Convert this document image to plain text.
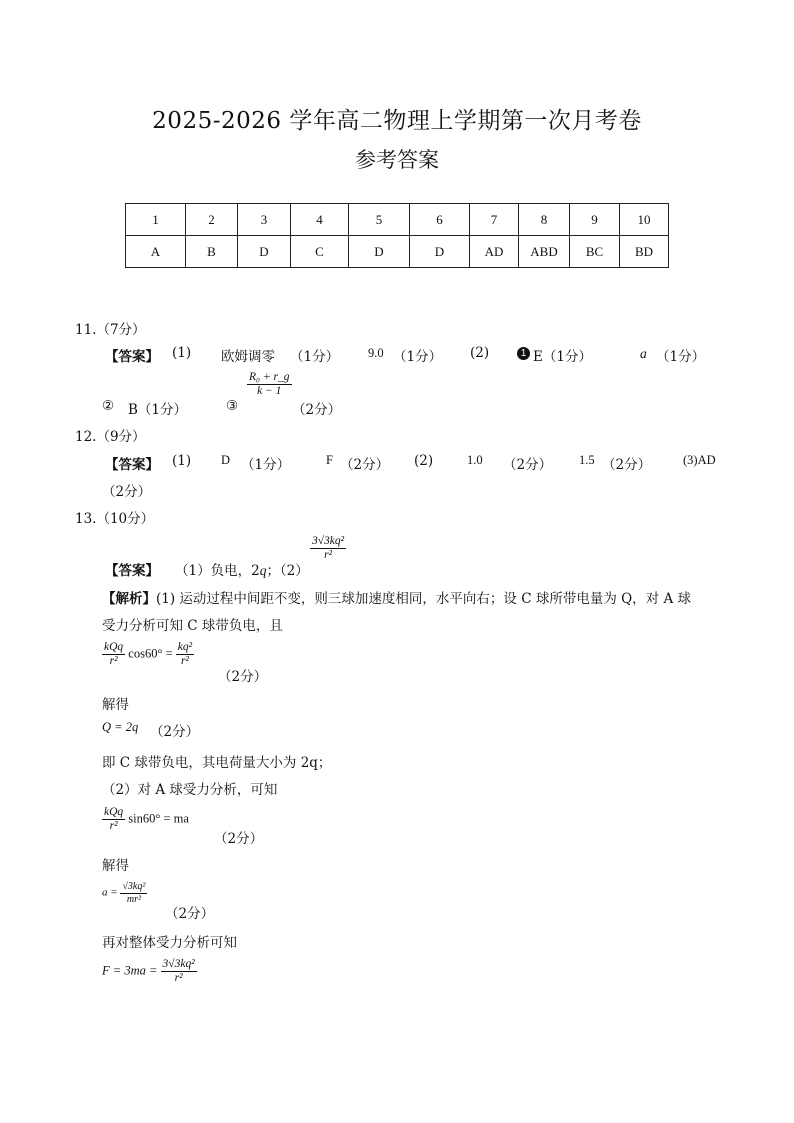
2025-2026 学年高二物理上学期第一次月考卷
参考答案
1	2	3	4	5	6	7	8	9	10
A	B	D	C	D	D	AD	ABD	BC	BD
11.（7分）
【答案】 (1) 欧姆调零 （1分） 9.0 （1分） (2)	1 E（1分）	a （1分）
② B（1分）	③
$\frac{\text{R₀ + r\_g}}{k - 1}$
（2分）
12.（9分）
【答案】 (1) D （1分）	F （2分） (2)	1.0 （2分） 1.5 （2分）	(3)AD
（2分）
13.（10分）
【答案】 （1）负电，2q；（2）
$\frac{\text{3√3kq²}}{\text{r²}}$
【解析】(1) 运动过程中间距不变，则三球加速度相同，水平向右；设 C 球所带电量为 Q，对 A 球
受力分析可知 C 球带负电，且
$\frac{\text{kQq}}{\text{r²}} \cos 60^\circ = \frac{\text{kq²}}{\text{r²}}$
（2分）
解得
Q = 2q （2分）
即 C 球带负电，其电荷量大小为 2q；
（2）对 A 球受力分析，可知
$\frac{\text{kQq}}{\text{r²}} \sin 60^\circ$ = ma
（2分）
解得
$a = \frac{\text{√3kq²}}{\text{mr²}}$
（2分）
再对整体受力分析可知
$F = 3ma = \frac{\text{3√3kq²}}{\text{r²}}$
